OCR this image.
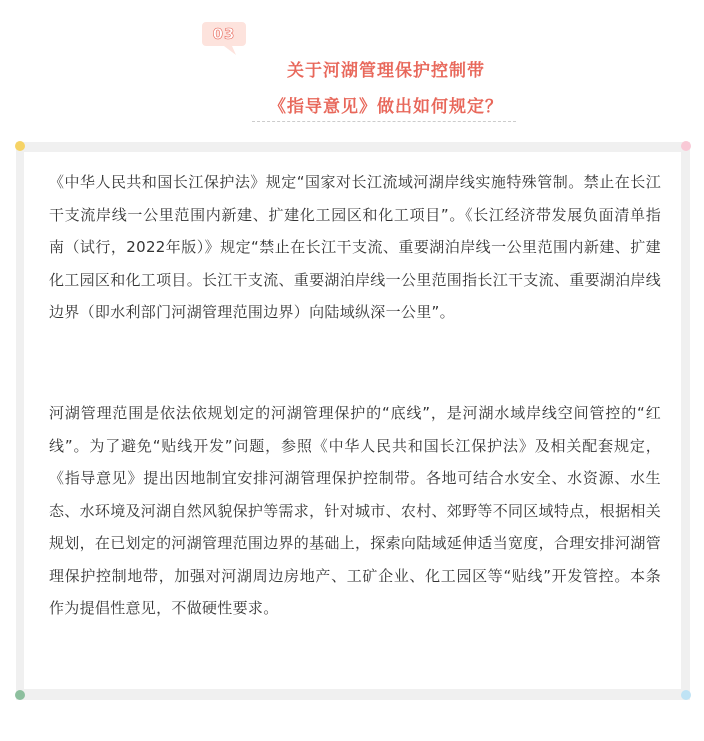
03
关于河湖管理保护控制带
《指导意见》做出如何规定？

《中华人民共和国长江保护法》规定“国家对长江流域河湖岸线实施特殊管制。禁止在长江干支流岸线一公里范围内新建、扩建化工园区和化工项目”。《长江经济带发展负面清单指南（试行，2022年版）》规定“禁止在长江干支流、重要湖泊岸线一公里范围内新建、扩建化工园区和化工项目。长江干支流、重要湖泊岸线一公里范围指长江干支流、重要湖泊岸线边界（即水利部门河湖管理范围边界）向陆域纵深一公里”。

河湖管理范围是依法依规划定的河湖管理保护的“底线”，是河湖水域岸线空间管控的“红线”。为了避免“贴线开发”问题，参照《中华人民共和国长江保护法》及相关配套规定，《指导意见》提出因地制宜安排河湖管理保护控制带。各地可结合水安全、水资源、水生态、水环境及河湖自然风貌保护等需求，针对城市、农村、郊野等不同区域特点，根据相关规划，在已划定的河湖管理范围边界的基础上，探索向陆域延伸适当宽度，合理安排河湖管理保护控制地带，加强对河湖周边房地产、工矿企业、化工园区等“贴线”开发管控。本条作为提倡性意见，不做硬性要求。
